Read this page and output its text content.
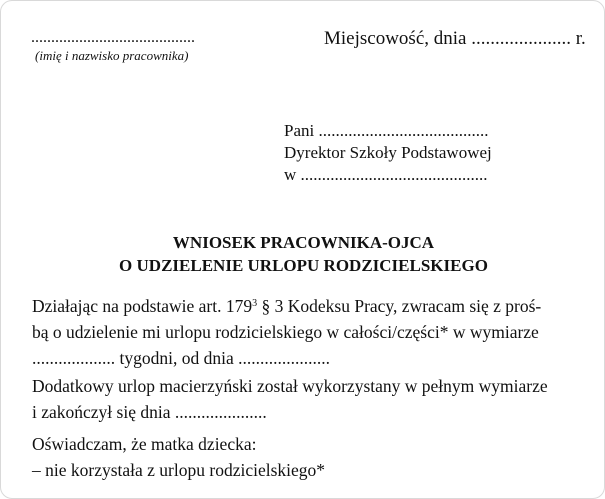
.........................................
(imię i nazwisko pracownika)
Miejscowość, dnia ..................... r.
Pani ........................................
Dyrektor Szkoły Podstawowej
w ............................................
WNIOSEK PRACOWNIKA-OJCA
O UDZIELENIE URLOPU RODZICIELSKIEGO
Działając na podstawie art. $179^3$ § 3 Kodeksu Pracy, zwracam się z proś-
bą o udzielenie mi urlopu rodzicielskiego w całości/części* w wymiarze
................... tygodni, od dnia .....................
Dodatkowy urlop macierzyński został wykorzystany w pełnym wymiarze
i zakończył się dnia .....................
Oświadczam, że matka dziecka:
– nie korzystała z urlopu rodzicielskiego*
